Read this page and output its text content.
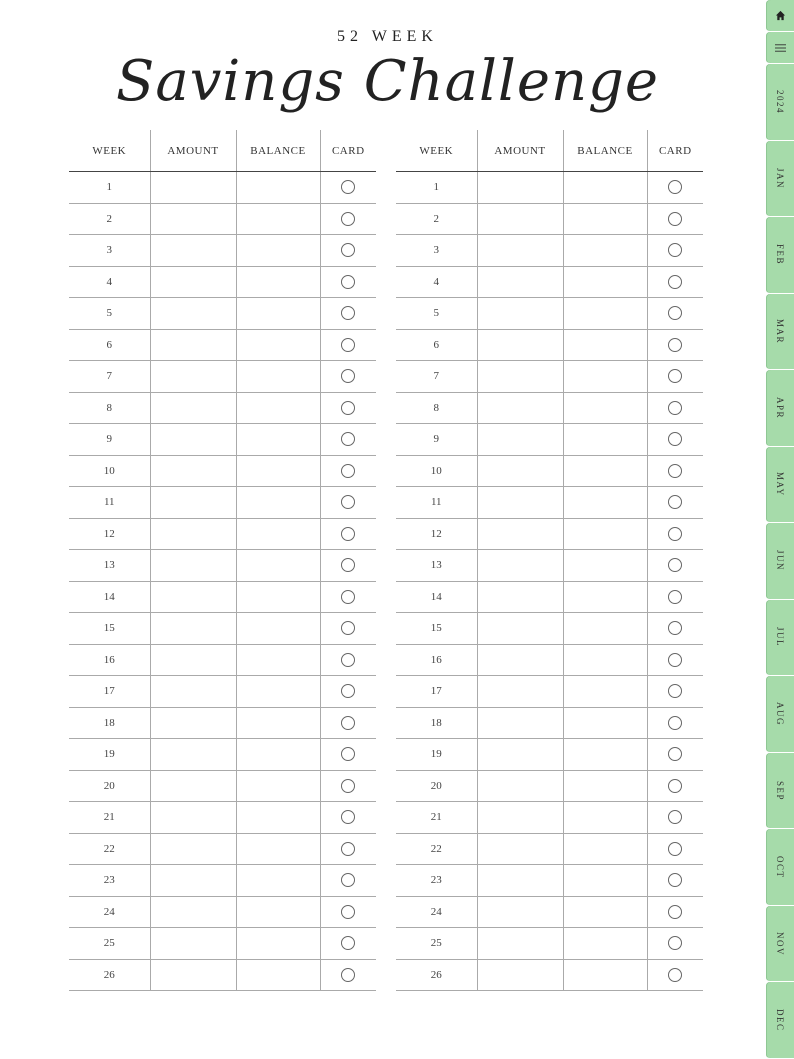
52 WEEK
Savings Challenge
WEEK	AMOUNT	BALANCE	CARD
1			
2			
3			
4			
5			
6			
7			
8			
9			
10			
11			
12			
13			
14			
15			
16			
17			
18			
19			
20			
21			
22			
23			
24			
25			
26			
WEEK	AMOUNT	BALANCE	CARD
1			
2			
3			
4			
5			
6			
7			
8			
9			
10			
11			
12			
13			
14			
15			
16			
17			
18			
19			
20			
21			
22			
23			
24			
25			
26			
2024
JAN
FEB
MAR
APR
MAY
JUN
JUL
AUG
SEP
OCT
NOV
DEC
